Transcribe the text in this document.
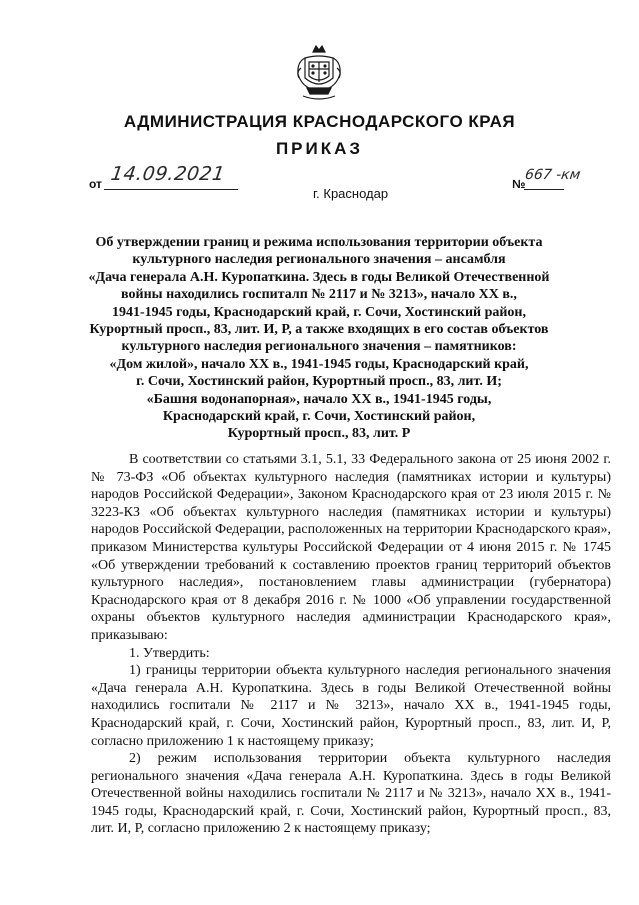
АДМИНИСТРАЦИЯ КРАСНОДАРСКОГО КРАЯ
ПРИКАЗ
от 14.09.2021
г. Краснодар
№
667 -км
Об утверждении границ и режима использования территории объекта
культурного наследия регионального значения – ансамбля
«Дача генерала А.Н. Куропаткина. Здесь в годы Великой Отечественной
войны находились госпиталп № 2117 и № 3213», начало XX в.,
1941-1945 годы, Краснодарский край, г. Сочи, Хостинский район,
Курортный просп., 83, лит. И, Р, а также входящих в его состав объектов
культурного наследия регионального значения – памятников:
«Дом жилой», начало XX в., 1941-1945 годы, Краснодарский край,
г. Сочи, Хостинский район, Курортный просп., 83, лит. И;
«Башня водонапорная», начало XX в., 1941-1945 годы,
Краснодарский край, г. Сочи, Хостинский район,
Курортный просп., 83, лит. Р

В соответствии со статьями 3.1, 5.1, 33 Федерального закона от 25 июня 2002 г. № 73-ФЗ «Об объектах культурного наследия (памятниках истории и культуры) народов Российской Федерации», Законом Краснодарского края от 23 июля 2015 г. № 3223-КЗ «Об объектах культурного наследия (памятниках истории и культуры) народов Российской Федерации, расположенных на территории Краснодарского края», приказом Министерства культуры Российской Федерации от 4 июня 2015 г. № 1745 «Об утверждении требований к составлению проектов границ территорий объектов культурного наследия», постановлением главы администрации (губернатора) Краснодарского края от 8 декабря 2016 г. № 1000 «Об управлении государственной охраны объектов культурного наследия администрации Краснодарского края», приказываю:

1. Утвердить:

1) границы территории объекта культурного наследия регионального значения «Дача генерала А.Н. Куропаткина. Здесь в годы Великой Отечественной войны находились госпитали № 2117 и № 3213», начало XX в., 1941-1945 годы, Краснодарский край, г. Сочи, Хостинский район, Курортный просп., 83, лит. И, Р, согласно приложению 1 к настоящему приказу;

2) режим использования территории объекта культурного наследия регионального значения «Дача генерала А.Н. Куропаткина. Здесь в годы Великой Отечественной войны находились госпитали № 2117 и № 3213», начало XX в., 1941-1945 годы, Краснодарский край, г. Сочи, Хостинский район, Курортный просп., 83, лит. И, Р, согласно приложению 2 к настоящему приказу;
